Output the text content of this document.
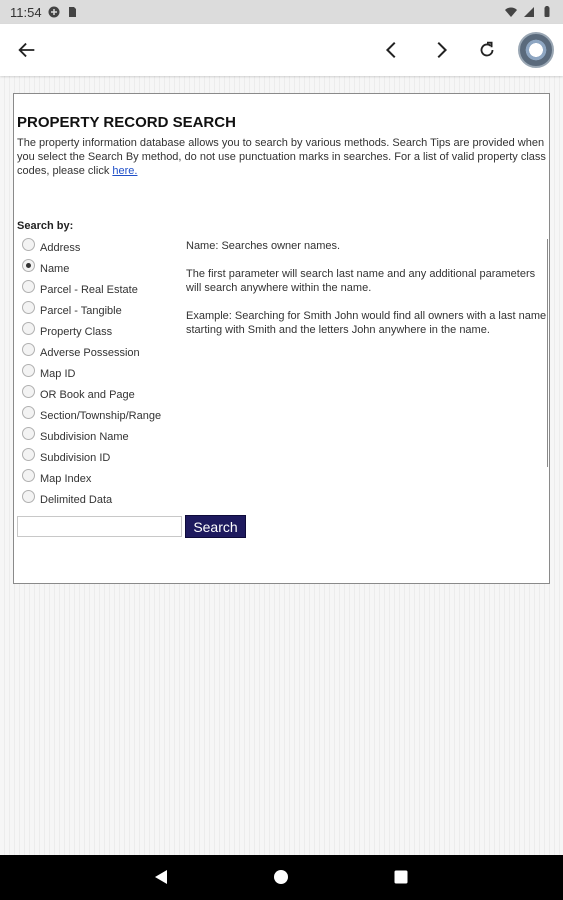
11:54
PROPERTY RECORD SEARCH
The property information database allows you to search by various methods. Search Tips are provided when you select the Search By method, do not use punctuation marks in searches. For a list of valid property class codes, please click here.
Search by:
Address
Name
Parcel - Real Estate
Parcel - Tangible
Property Class
Adverse Possession
Map ID
OR Book and Page
Section/Township/Range
Subdivision Name
Subdivision ID
Map Index
Delimited Data

Name: Searches owner names.

The first parameter will search last name and any additional parameters will search anywhere within the name.

Example: Searching for Smith John would find all owners with a last name starting with Smith and the letters John anywhere in the name.

Search
